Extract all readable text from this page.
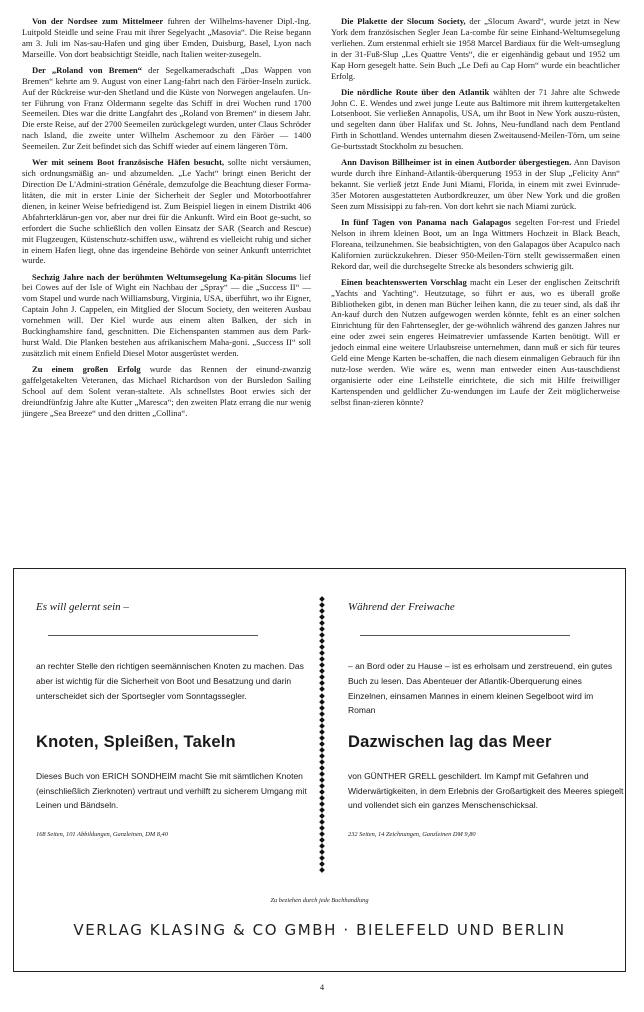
Von der Nordsee zum Mittelmeer fuhren der Wilhelms-havener Dipl.-Ing. Luitpold Steidle und seine Frau mit ihrer Segelyacht „Masovia“. Die Reise begann am 3. Juli im Nas-sau-Hafen und ging über Emden, Duisburg, Basel, Lyon nach Marseille. Von dort beabsichtigt Steidle, nach Italien weiter-zusegeln.

Der „Roland von Bremen“ der Segelkameradschaft „Das Wappen von Bremen“ kehrte am 9. August von einer Lang-fahrt nach den Färöer-Inseln zurück. Auf der Rückreise wur-den Shetland und die Küste von Norwegen angelaufen. Un-ter Führung von Franz Oldermann segelte das Schiff in drei Wochen rund 1700 Seemeilen. Dies war die dritte Langfahrt des „Roland von Bremen“ in diesem Jahr. Die erste Reise, auf der 2700 Seemeilen zurückgelegt wurden, unter Claus Schröder nach Island, die zweite unter Wilhelm Aschemoor zu den Färöer — 1400 Seemeilen. Zur Zeit befindet sich das Schiff wieder auf einem längeren Törn.

Wer mit seinem Boot französische Häfen besucht, sollte nicht versäumen, sich ordnungsmäßig an- und abzumelden. „Le Yacht“ bringt einen Bericht der Direction De L'Admini-stration Générale, demzufolge die Beachtung dieser Forma-litäten, die mit in erster Linie der Sicherheit der Segler und Motorbootfahrer dienen, in keiner Weise befriedigend ist. Zum Beispiel liegen in einem Distrikt 406 Abfahrterklärun-gen vor, aber nur drei für die Ankunft. Wird ein Boot ge-sucht, so erfordert die Suche schließlich den vollen Einsatz der SAR (Search and Rescue) mit Flugzeugen, Küstenschutz-schiffen usw., während es vielleicht ruhig und sicher in einem Hafen liegt, ohne das irgendeine Behörde von seiner Ankunft unterrichtet wurde.

Sechzig Jahre nach der berühmten Weltumsegelung Ka-pitän Slocums lief bei Cowes auf der Isle of Wight ein Nachbau der „Spray“ — die „Success II“ — vom Stapel und wurde nach Williamsburg, Virginia, USA, überführt, wo ihr Eigner, Captain John J. Cappelen, ein Mitglied der Slocum Society, den weiteren Ausbau vornehmen will. Der Kiel wurde aus einem alten Balken, der sich in Buckinghamshire fand, geschnitten. Die Eichenspanten stammen aus dem Park-hurst Wald. Die Planken bestehen aus afrikanischem Maha-goni. „Success II“ soll zusätzlich mit einem Enfield Diesel Motor ausgerüstet werden.

Zu einem großen Erfolg wurde das Rennen der einund-zwanzig gaffelgetakelten Veteranen, das Michael Richardson von der Bursledon Sailing School auf dem Solent veran-staltete. Als schnellstes Boot erwies sich der dreiundfünfzig Jahre alte Kutter „Maresca“; den zweiten Platz errang die nur wenig jüngere „Sea Breeze“ und den dritten „Collina“.

Die Plakette der Slocum Society, der „Slocum Award“, wurde jetzt in New York dem französischen Segler Jean La-combe für seine Einhand-Weltumsegelung verliehen. Zum erstenmal erhielt sie 1958 Marcel Bardiaux für die Welt-umseglung in der 31-Fuß-Slup „Les Quattre Vents“, die er eigenhändig gebaut und 1952 um Kap Horn gesegelt hatte. Sein Buch „Le Defi au Cap Horn“ wurde ein beachtlicher Erfolg.

Die nördliche Route über den Atlantik wählten der 71 Jahre alte Schwede John C. E. Wendes und zwei junge Leute aus Baltimore mit ihrem kuttergetakelten Lotsenboot. Sie verließen Annapolis, USA, um ihr Boot in New York auszu-rüsten, und segelten dann über Halifax und St. Johns, Neu-fundland nach dem Pentland Firth in Schottland. Wendes unternahm diesen Zweitausend-Meilen-Törn, um seine Ge-burtsstadt Stockholm zu besuchen.

Ann Davison Billheimer ist in einen Autborder übergestiegen. Ann Davison wurde durch ihre Einhand-Atlantik-überquerung 1953 in der Slup „Felicity Ann“ bekannt. Sie verließ jetzt Ende Juni Miami, Florida, in einem mit zwei Evinrude-35er Motoren ausgestatteten Autbordkreuzer, um über New York und die großen Seen zum Missisippi zu fah-ren. Von dort kehrt sie nach Miami zurück.

In fünf Tagen von Panama nach Galapagos segelten For-rest und Friedel Nelson in ihrem kleinen Boot, um an Inga Wittmers Hochzeit in Black Beach, Floreana, teilzunehmen. Sie beabsichtigten, von den Galapagos über Acapulco nach Kalifornien zurückzukehren. Dieser 950-Meilen-Törn stellt gewissermaßen einen Rekord dar, weil die durchsegelte Strecke als besonders schwierig gilt.

Einen beachtenswerten Vorschlag macht ein Leser der englischen Zeitschrift „Yachts and Yachting“. Heutzutage, so führt er aus, wo es überall große Bibliotheken gibt, in denen man Bücher leihen kann, die zu teuer sind, als daß ihr An-kauf durch den Nutzen aufgewogen werden könnte, fehlt es an einer solchen Einrichtung für den Fahrtensegler, der ge-wöhnlich während des ganzen Jahres nur eine oder zwei sein engeres Heimatrevier umfassende Karten benötigt. Will er jedoch einmal eine weitere Urlaubsreise unternehmen, dann muß er sich für teures Geld eine Menge Karten be-schaffen, die nach diesem einmaligen Gebrauch für ihn nutz-lose werden. Wie wäre es, wenn man entweder einen Aus-tauschdienst organisierte oder eine Leihstelle einrichtete, die sich mit Hilfe freiwilliger Kartenspenden und geldlicher Zu-wendungen im Laufe der Zeit möglicherweise selbst finan-zieren könnte?

Es will gelernt sein –
an rechter Stelle den richtigen seemännischen Knoten zu machen. Das aber ist wichtig für die Sicherheit von Boot und Besatzung und darin unterscheidet sich der Sportsegler vom Sonntagssegler.
Knoten, Spleißen, Takeln
Dieses Buch von ERICH SONDHEIM macht Sie mit sämtlichen Knoten (einschließlich Zierknoten) vertraut und verhilft zu sicherem Umgang mit Leinen und Bändseln.
168 Seiten, 101 Abbildungen, Ganzleinen, DM 8,40
Während der Freiwache
– an Bord oder zu Hause – ist es erholsam und zerstreuend, ein gutes Buch zu lesen. Das Abenteuer der Atlantik-Überquerung eines Einzelnen, einsamen Mannes in einem kleinen Segelboot wird im Roman
Dazwischen lag das Meer
von GÜNTHER GRELL geschildert. Im Kampf mit Gefahren und Widerwärtigkeiten, in dem Erlebnis der Großartigkeit des Meeres spiegelt und vollendet sich ein ganzes Menschenschicksal.
232 Seiten, 14 Zeichnungen, Ganzleinen DM 9,80
Zu beziehen durch jede Buchhandlung
VERLAG KLASING & CO GMBH · BIELEFELD UND BERLIN
4
